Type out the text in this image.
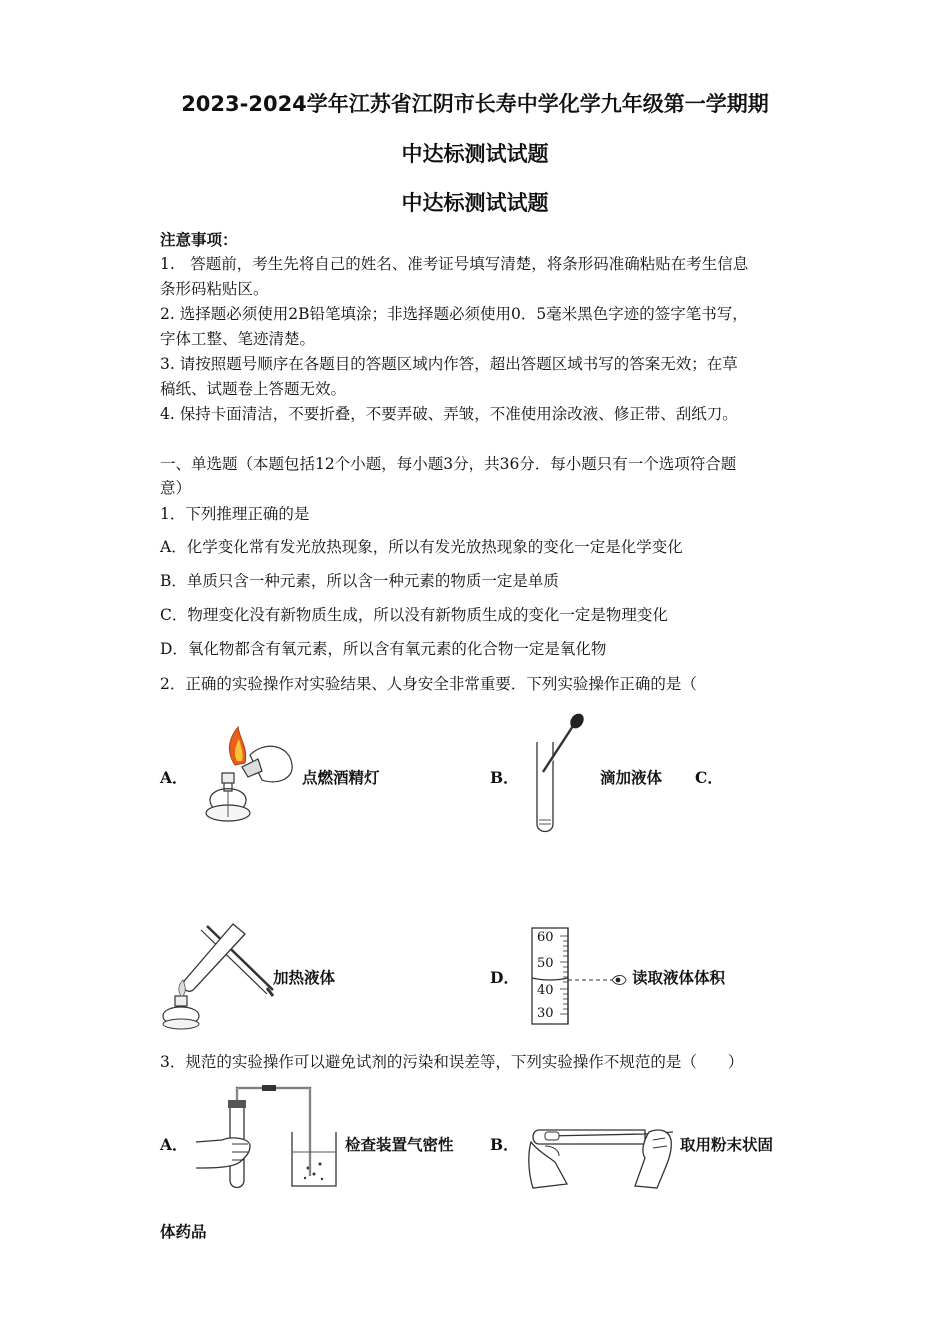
2023-2024学年江苏省江阴市长寿中学化学九年级第一学期期
中达标测试试题
中达标测试试题
注意事项：
1.　答题前，考生先将自己的姓名、准考证号填写清楚，将条形码准确粘贴在考生信息
条形码粘贴区。
2. 选择题必须使用2B铅笔填涂；非选择题必须使用0．5毫米黑色字迹的签字笔书写，
字体工整、笔迹清楚。
3. 请按照题号顺序在各题目的答题区域内作答，超出答题区域书写的答案无效；在草
稿纸、试题卷上答题无效。
4. 保持卡面清洁，不要折叠，不要弄破、弄皱，不准使用涂改液、修正带、刮纸刀。
一、单选题（本题包括12个小题，每小题3分，共36分．每小题只有一个选项符合题
意）
1．下列推理正确的是
A．化学变化常有发光放热现象，所以有发光放热现象的变化一定是化学变化
B．单质只含一种元素，所以含一种元素的物质一定是单质
C．物理变化没有新物质生成，所以没有新物质生成的变化一定是物理变化
D．氧化物都含有氧元素，所以含有氧元素的化合物一定是氧化物
2．正确的实验操作对实验结果、人身安全非常重要．下列实验操作正确的是（
A．	点燃酒精灯	B．	滴加液体 C．
加热液体	D．
60
50
40
30
读取液体体积
3．规范的实验操作可以避免试剂的污染和误差等，下列实验操作不规范的是（　　）
A．	检查装置气密性 B．	取用粉末状固
体药品
